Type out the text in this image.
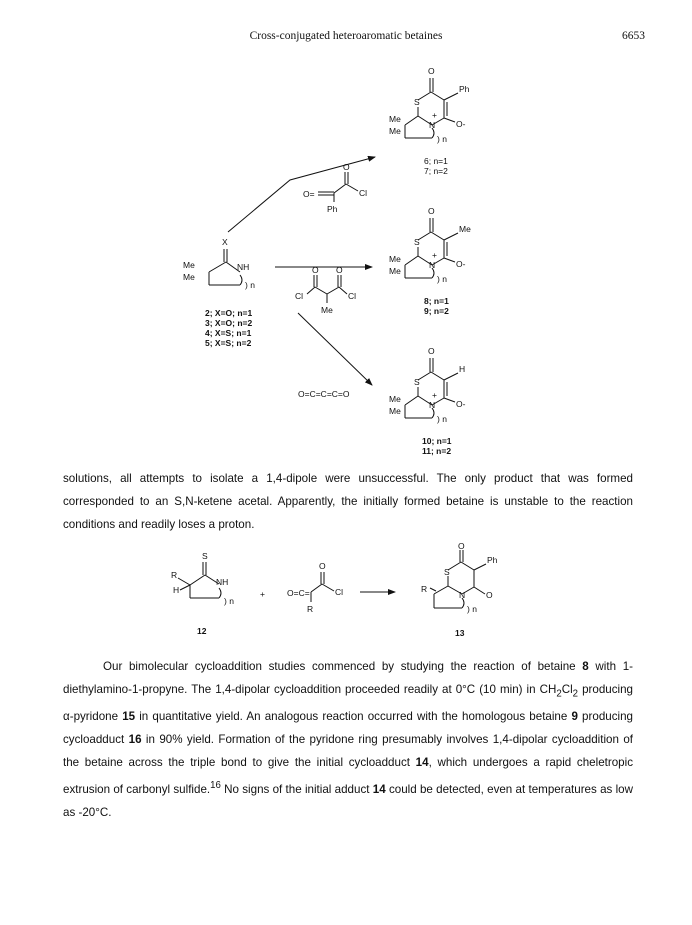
Cross-conjugated heteroaromatic betaines	6653
X
Me
Me
NH
) n
2; X=O; n=1
3; X=O; n=2
4; X=S; n=1
5; X=S; n=2
O
O=	Cl
Ph
O O
Cl	Cl
Me
O=C=C=C=O
O
Ph
S
+
N O-
Me
Me
) n
6; n=1
7; n=2
O
Me
S
+
N O-
Me
Me
) n
8; n=1
9; n=2
O
H
S
+
N O-
Me
Me
) n
10; n=1
11; n=2

solutions, all attempts to isolate a 1,4-dipole were unsuccessful. The only product that was formed corresponded to an S,N-ketene acetal. Apparently, the initially formed betaine is unstable to the reaction conditions and readily loses a proton.

S
R
H
NH
) n
12
+
O
O=C=	Cl
R
O
Ph
S
R
N O
) n
13

Our bimolecular cycloaddition studies commenced by studying the reaction of betaine 8 with 1-diethylamino-1-propyne. The 1,4-dipolar cycloaddition proceeded readily at 0°C (10 min) in $CH_2Cl_2$ producing α-pyridone 15 in quantitative yield. An analogous reaction occurred with the homologous betaine 9 producing cycloadduct 16 in 90% yield. Formation of the pyridone ring presumably involves 1,4-dipolar cycloaddition of the betaine across the triple bond to give the initial cycloadduct 14, which undergoes a rapid cheletropic extrusion of carbonyl sulfide.$^{16}$ No signs of the initial adduct 14 could be detected, even at temperatures as low as -20°C.
